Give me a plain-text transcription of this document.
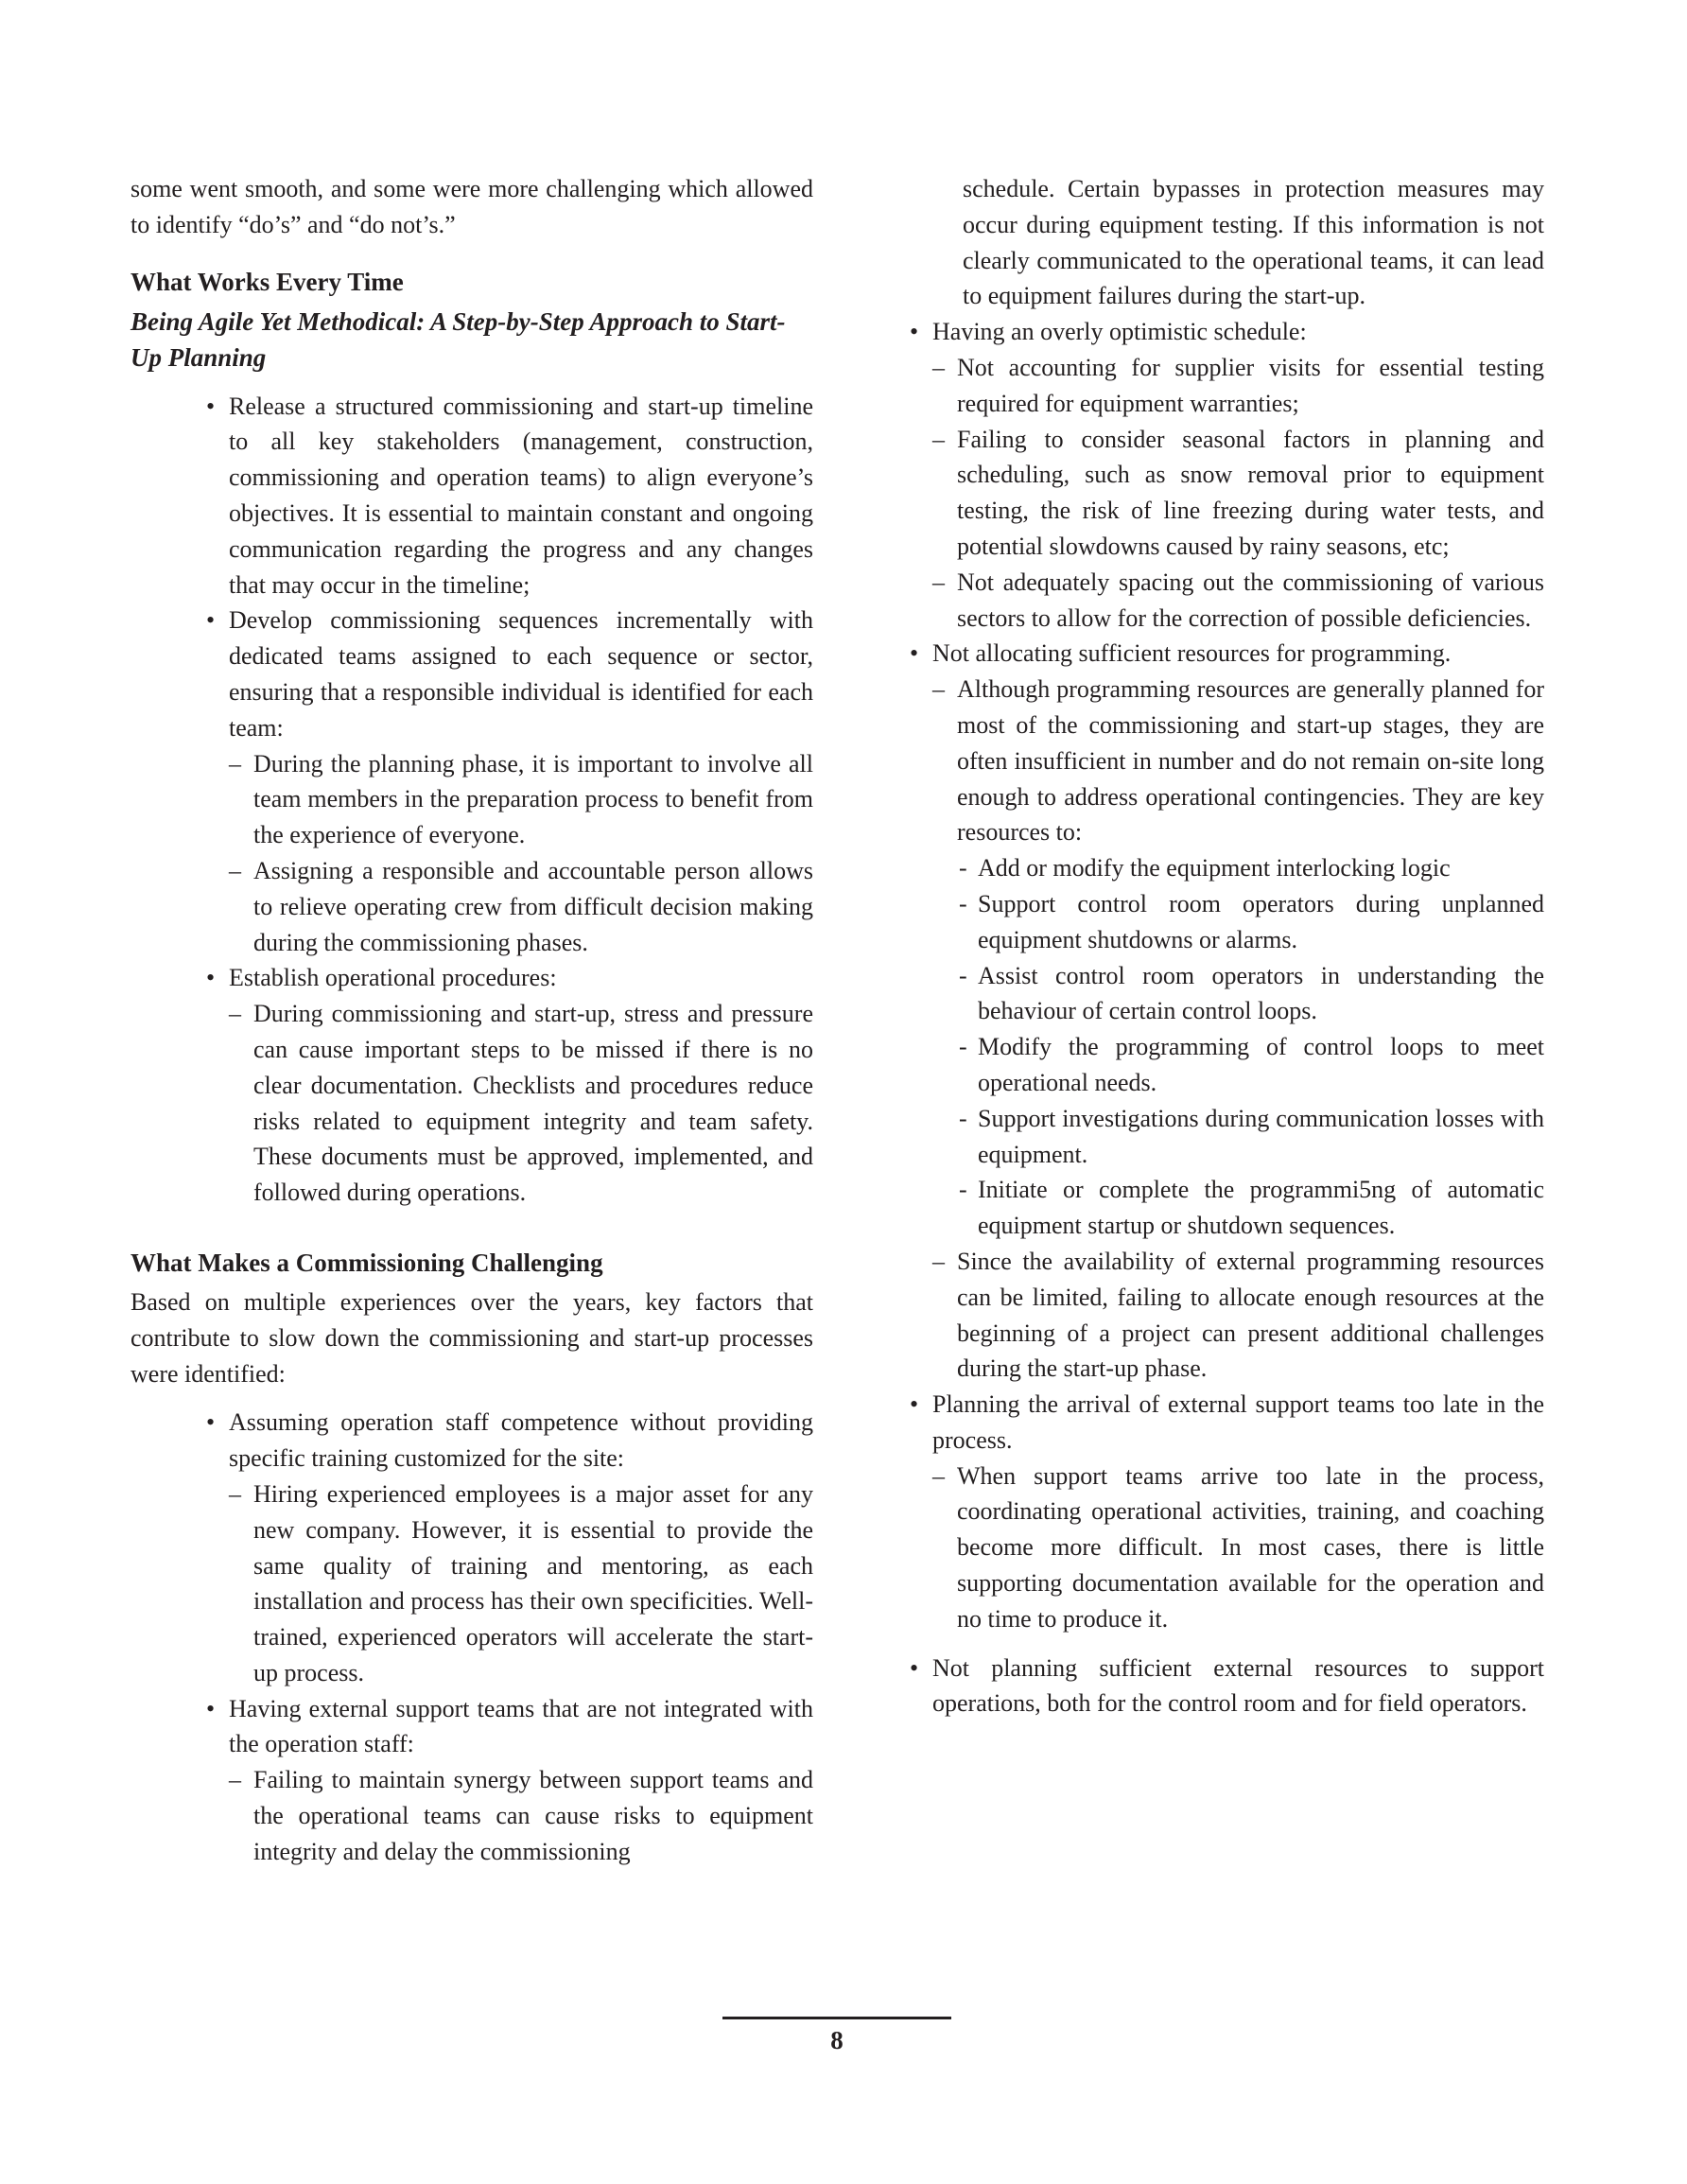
some went smooth, and some were more challenging which allowed to identify “do’s” and “do not’s.”

What Works Every Time
Being Agile Yet Methodical: A Step-by-Step Approach to Start-Up Planning
• Release a structured commissioning and start-up timeline to all key stakeholders (management, construction, commissioning and operation teams) to align everyone’s objectives. It is essential to maintain constant and ongoing communication regarding the progress and any changes that may occur in the timeline;
• Develop commissioning sequences incrementally with dedicated teams assigned to each sequence or sector, ensuring that a responsible individual is identified for each team:
– During the planning phase, it is important to involve all team members in the preparation process to benefit from the experience of everyone.
– Assigning a responsible and accountable person allows to relieve operating crew from difficult decision making during the commissioning phases.
• Establish operational procedures:
– During commissioning and start-up, stress and pressure can cause important steps to be missed if there is no clear documentation. Checklists and procedures reduce risks related to equipment integrity and team safety. These documents must be approved, implemented, and followed during operations.
What Makes a Commissioning Challenging

Based on multiple experiences over the years, key factors that contribute to slow down the commissioning and start-up processes were identified:

• Assuming operation staff competence without providing specific training customized for the site:
– Hiring experienced employees is a major asset for any new company. However, it is essential to provide the same quality of training and mentoring, as each installation and process has their own specificities. Well-trained, experienced operators will accelerate the start-up process.
• Having external support teams that are not integrated with the operation staff:
– Failing to maintain synergy between support teams and the operational teams can cause risks to equipment integrity and delay the commissioning

schedule. Certain bypasses in protection measures may occur during equipment testing. If this information is not clearly communicated to the operational teams, it can lead to equipment failures during the start-up.

• Having an overly optimistic schedule:
– Not accounting for supplier visits for essential testing required for equipment warranties;
– Failing to consider seasonal factors in planning and scheduling, such as snow removal prior to equipment testing, the risk of line freezing during water tests, and potential slowdowns caused by rainy seasons, etc;
– Not adequately spacing out the commissioning of various sectors to allow for the correction of possible deficiencies.
• Not allocating sufficient resources for programming.
– Although programming resources are generally planned for most of the commissioning and start-up stages, they are often insufficient in number and do not remain on-site long enough to address operational contingencies. They are key resources to:
- Add or modify the equipment interlocking logic
- Support control room operators during unplanned equipment shutdowns or alarms.
- Assist control room operators in understanding the behaviour of certain control loops.
- Modify the programming of control loops to meet operational needs.
- Support investigations during communication losses with equipment.
- Initiate or complete the programmi5ng of automatic equipment startup or shutdown sequences.
– Since the availability of external programming resources can be limited, failing to allocate enough resources at the beginning of a project can present additional challenges during the start-up phase.
• Planning the arrival of external support teams too late in the process.
– When support teams arrive too late in the process, coordinating operational activities, training, and coaching become more difficult. In most cases, there is little supporting documentation available for the operation and no time to produce it.
• Not planning sufficient external resources to support operations, both for the control room and for field operators.
8
